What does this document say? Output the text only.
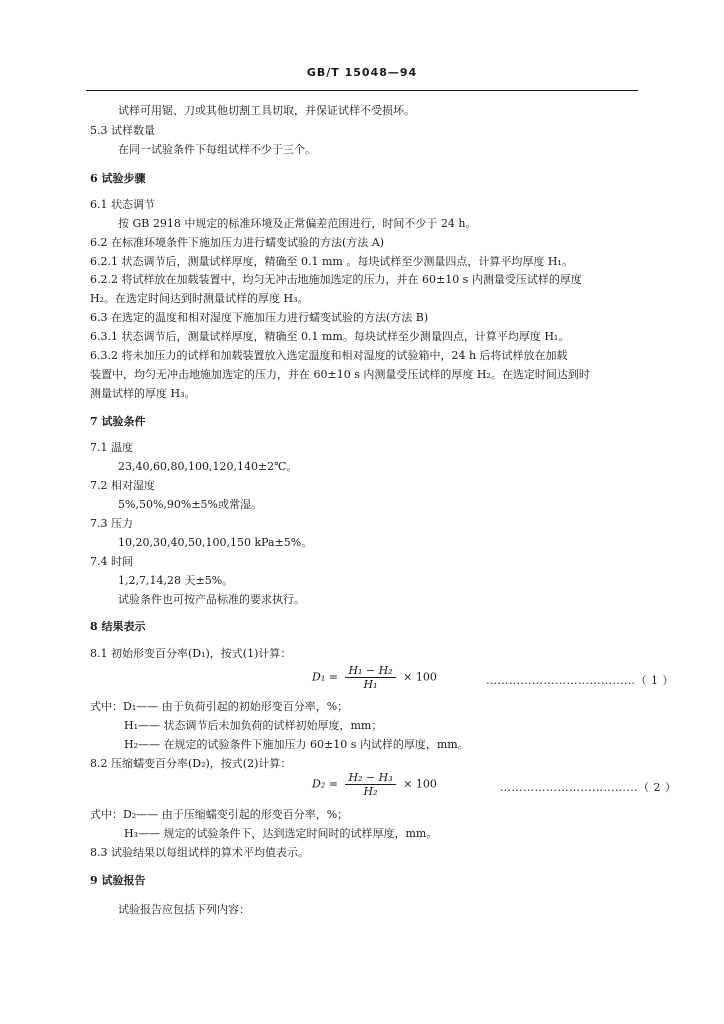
GB/T 15048—94
试样可用锯、刀或其他切割工具切取，并保证试样不受损坏。
5.3 试样数量
在同一试验条件下每组试样不少于三个。
6 试验步骤
6.1 状态调节
按 GB 2918 中规定的标准环境及正常偏差范围进行，时间不少于 24 h。
6.2 在标准环境条件下施加压力进行蠕变试验的方法(方法 A)
6.2.1 状态调节后，测量试样厚度，精确至 0.1 mm 。每块试样至少测量四点，计算平均厚度 H₁。
6.2.2 将试样放在加载装置中，均匀无冲击地施加选定的压力，并在 60±10 s 内测量受压试样的厚度
H₂。在选定时间达到时测量试样的厚度 H₃。
6.3 在选定的温度和相对湿度下施加压力进行蠕变试验的方法(方法 B)
6.3.1 状态调节后，测量试样厚度，精确至 0.1 mm。每块试样至少测量四点，计算平均厚度 H₁。
6.3.2 将未加压力的试样和加载装置放入选定温度和相对湿度的试验箱中，24 h 后将试样放在加载
装置中，均匀无冲击地施加选定的压力，并在 60±10 s 内测量受压试样的厚度 H₂。在选定时间达到时
测量试样的厚度 H₃。
7 试验条件
7.1 温度
23,40,60,80,100,120,140±2℃。
7.2 相对湿度
5%,50%,90%±5%或常湿。
7.3 压力
10,20,30,40,50,100,150 kPa±5%。
7.4 时间
1,2,7,14,28 天±5%。
试验条件也可按产品标准的要求执行。
8 结果表示
8.1 初始形变百分率(D₁)，按式(1)计算：
$D_1 = \frac{\text{H₁ − H₂}}{\text{H₁}} \times 100$	…………………………………（ 1 ）
式中：D₁—— 由于负荷引起的初始形变百分率，%；
H₁—— 状态调节后未加负荷的试样初始厚度，mm；
H₂—— 在规定的试验条件下施加压力 60±10 s 内试样的厚度，mm。
8.2 压缩蠕变百分率(D₂)，按式(2)计算：
$D_2 = \frac{\text{H₂ − H₃}}{\text{H₂}} \times 100$	………………………………（ 2 ）
式中：D₂—— 由于压缩蠕变引起的形变百分率，%；
H₃—— 规定的试验条件下，达到选定时间时的试样厚度，mm。
8.3 试验结果以每组试样的算术平均值表示。
9 试验报告
试验报告应包括下列内容：
